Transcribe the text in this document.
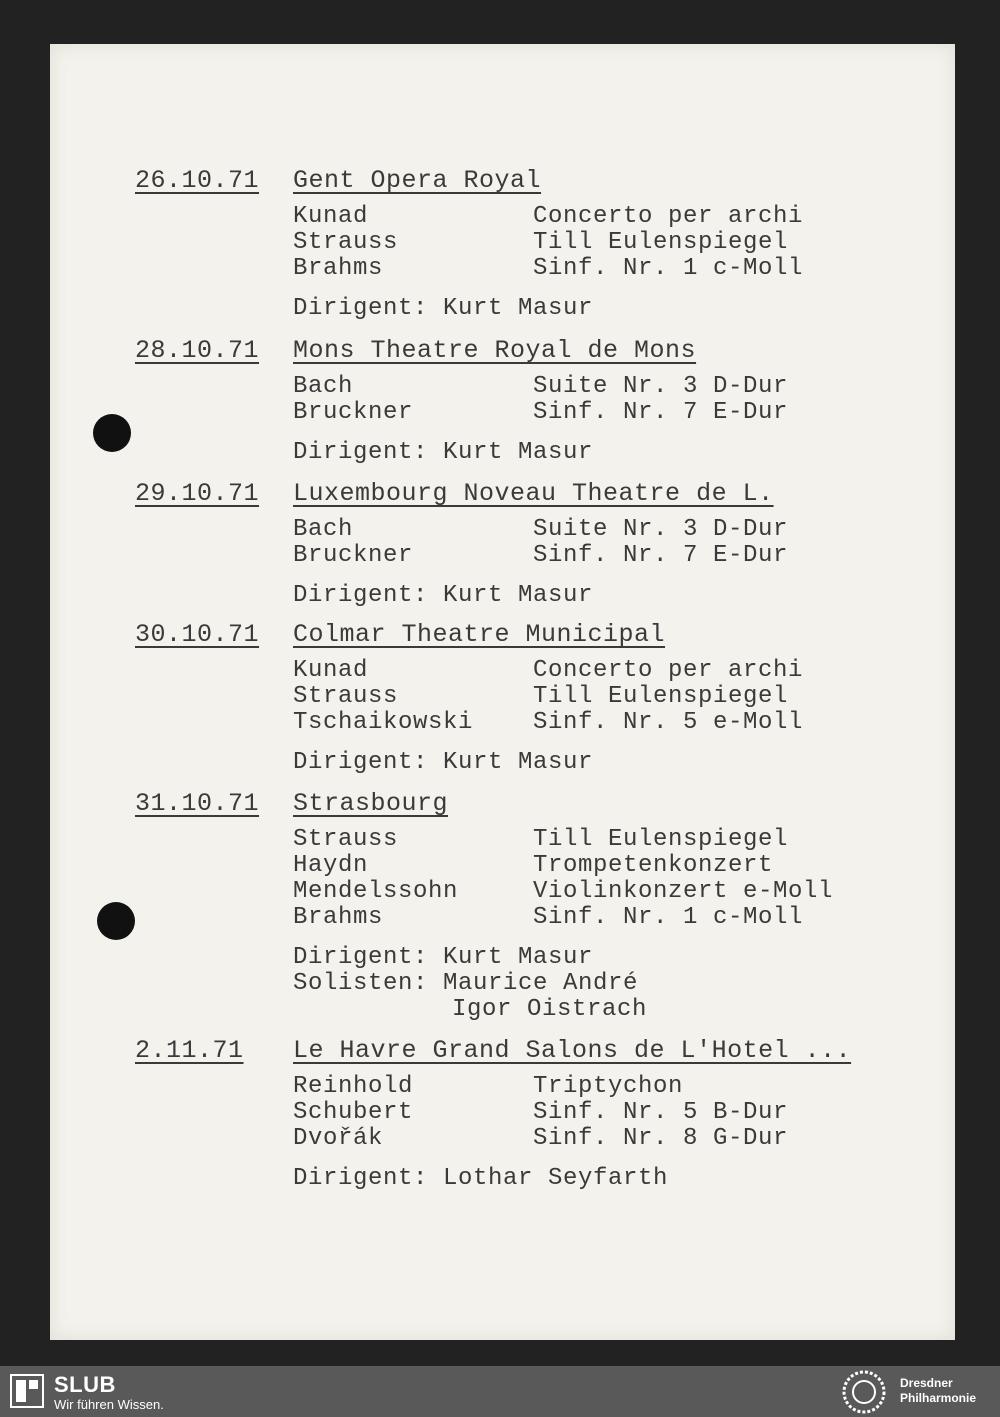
26.10.71 Gent Opera Royal
Kunad	Concerto per archi
Strauss	Till Eulenspiegel
Brahms	Sinf. Nr. 1 c-Moll
Dirigent: Kurt Masur
28.10.71 Mons Theatre Royal de Mons
Bach	Suite Nr. 3 D-Dur
Bruckner	Sinf. Nr. 7 E-Dur
Dirigent: Kurt Masur
29.10.71 Luxembourg Noveau Theatre de L.
Bach	Suite Nr. 3 D-Dur
Bruckner	Sinf. Nr. 7 E-Dur
Dirigent: Kurt Masur
30.10.71 Colmar Theatre Municipal
Kunad	Concerto per archi
Strauss	Till Eulenspiegel
Tschaikowski Sinf. Nr. 5 e-Moll
Dirigent: Kurt Masur
31.10.71 Strasbourg
Strauss	Till Eulenspiegel
Haydn	Trompetenkonzert
Mendelssohn	Violinkonzert e-Moll
Brahms	Sinf. Nr. 1 c-Moll
Dirigent: Kurt Masur
Solisten: Maurice André
Igor Oistrach
2.11.71 Le Havre Grand Salons de L'Hotel ...
Reinhold	Triptychon
Schubert	Sinf. Nr. 5 B-Dur
Dvořák	Sinf. Nr. 8 G-Dur
Dirigent: Lothar Seyfarth
SLUB
Wir führen Wissen.
Dresdner
Philharmonie
